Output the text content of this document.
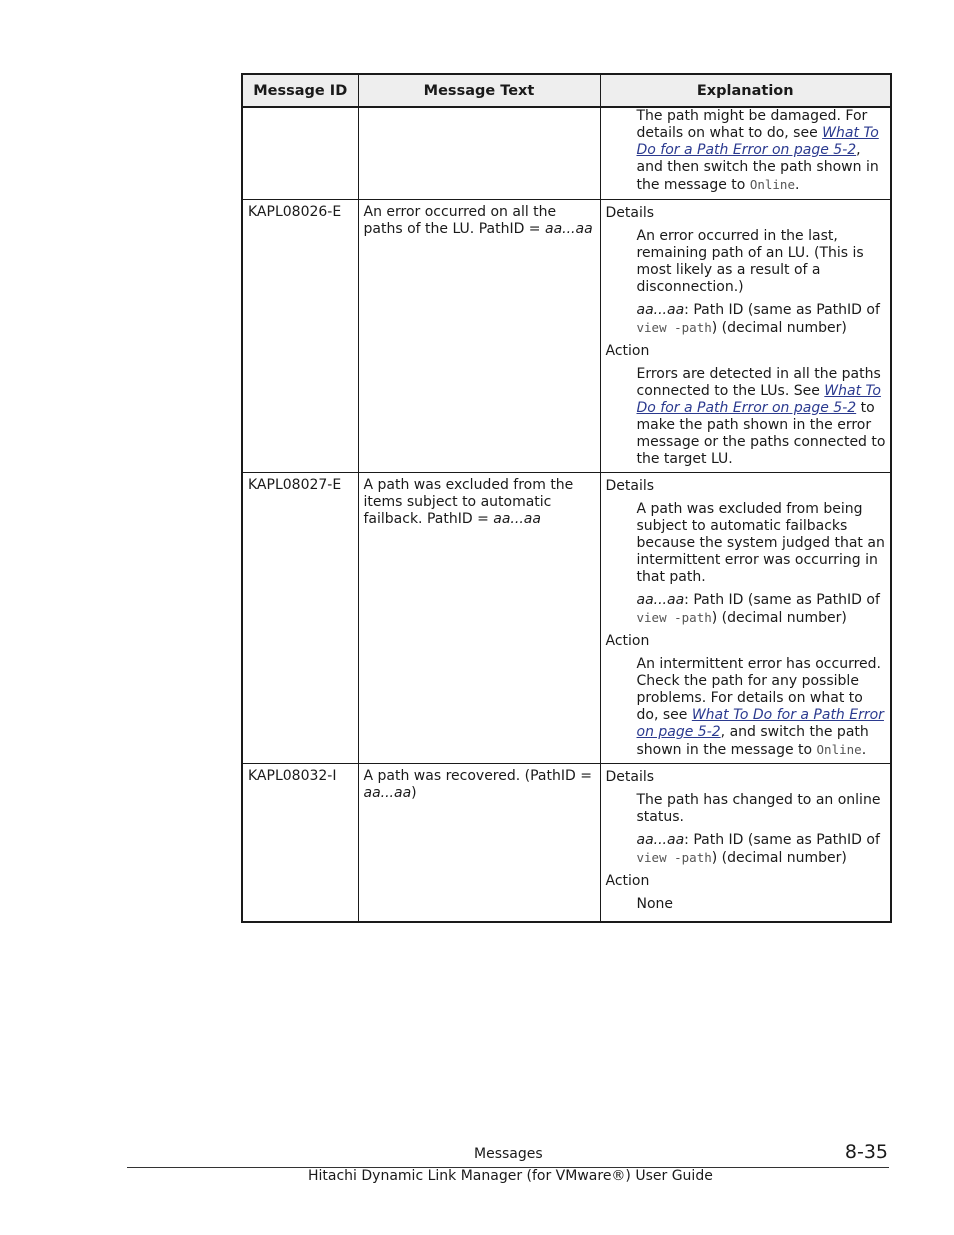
Message ID	Message Text	Explanation

		The path might be damaged. For details on what to do, see What To Do for a Path Error on page 5-2, and then switch the path shown in the message to Online.

KAPL08026-E	An error occurred on all the paths of the LU. PathID = aa...aa	Details
An error occurred in the last, remaining path of an LU. (This is most likely as a result of a disconnection.)
aa...aa: Path ID (same as PathID of view -path) (decimal number)
Action
Errors are detected in all the paths connected to the LUs. See What To Do for a Path Error on page 5-2 to make the path shown in the error message or the paths connected to the target LU.

KAPL08027-E	A path was excluded from the items subject to automatic failback. PathID = aa...aa	Details
A path was excluded from being subject to automatic failbacks because the system judged that an intermittent error was occurring in that path.
aa...aa: Path ID (same as PathID of view -path) (decimal number)
Action
An intermittent error has occurred. Check the path for any possible problems. For details on what to do, see What To Do for a Path Error on page 5-2, and switch the path shown in the message to Online.

KAPL08032-I	A path was recovered. (PathID = aa...aa)	Details
The path has changed to an online status.
aa...aa: Path ID (same as PathID of view -path) (decimal number)
Action
None
Messages	8-35
Hitachi Dynamic Link Manager (for VMware®) User Guide
